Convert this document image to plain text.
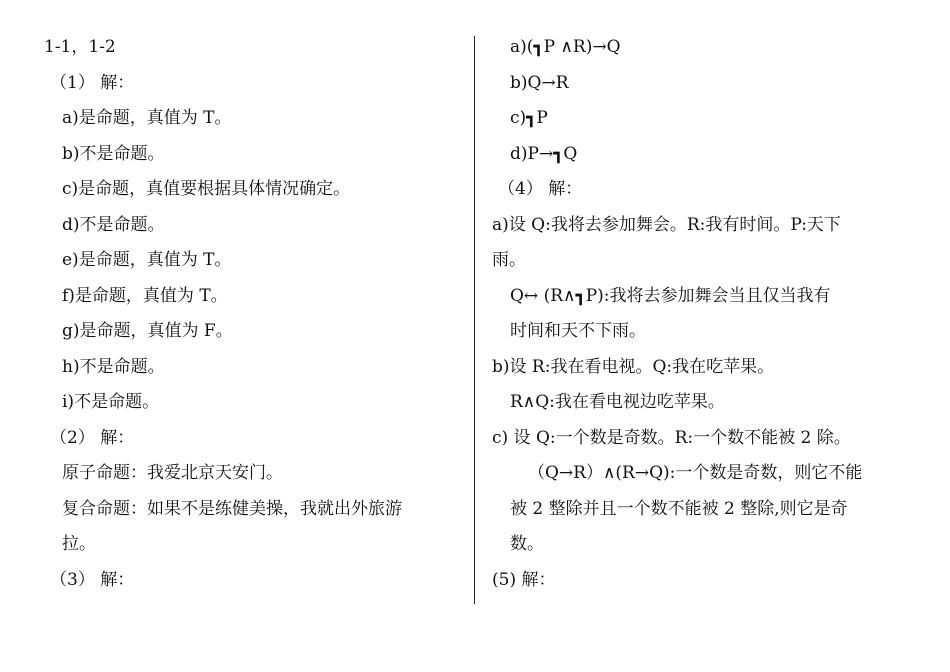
1-1，1-2
（1） 解：
a)是命题，真值为 T。
b)不是命题。
c)是命题，真值要根据具体情况确定。
d)不是命题。
e)是命题，真值为 T。
f)是命题，真值为 T。
g)是命题，真值为 F。
h)不是命题。
i)不是命题。
（2） 解：
原子命题：我爱北京天安门。
复合命题：如果不是练健美操，我就出外旅游
拉。
（3） 解：
a)(┓P ∧R)→Q
b)Q→R
c)┓P
d)P→┓Q
（4） 解：
a)设 Q:我将去参加舞会。R:我有时间。P:天下
雨。
Q↔ (R∧┓P):我将去参加舞会当且仅当我有
时间和天不下雨。
b)设 R:我在看电视。Q:我在吃苹果。
R∧Q:我在看电视边吃苹果。
c) 设 Q:一个数是奇数。R:一个数不能被 2 除。
（Q→R）∧(R→Q):一个数是奇数，则它不能
被 2 整除并且一个数不能被 2 整除,则它是奇
数。
(5) 解：
